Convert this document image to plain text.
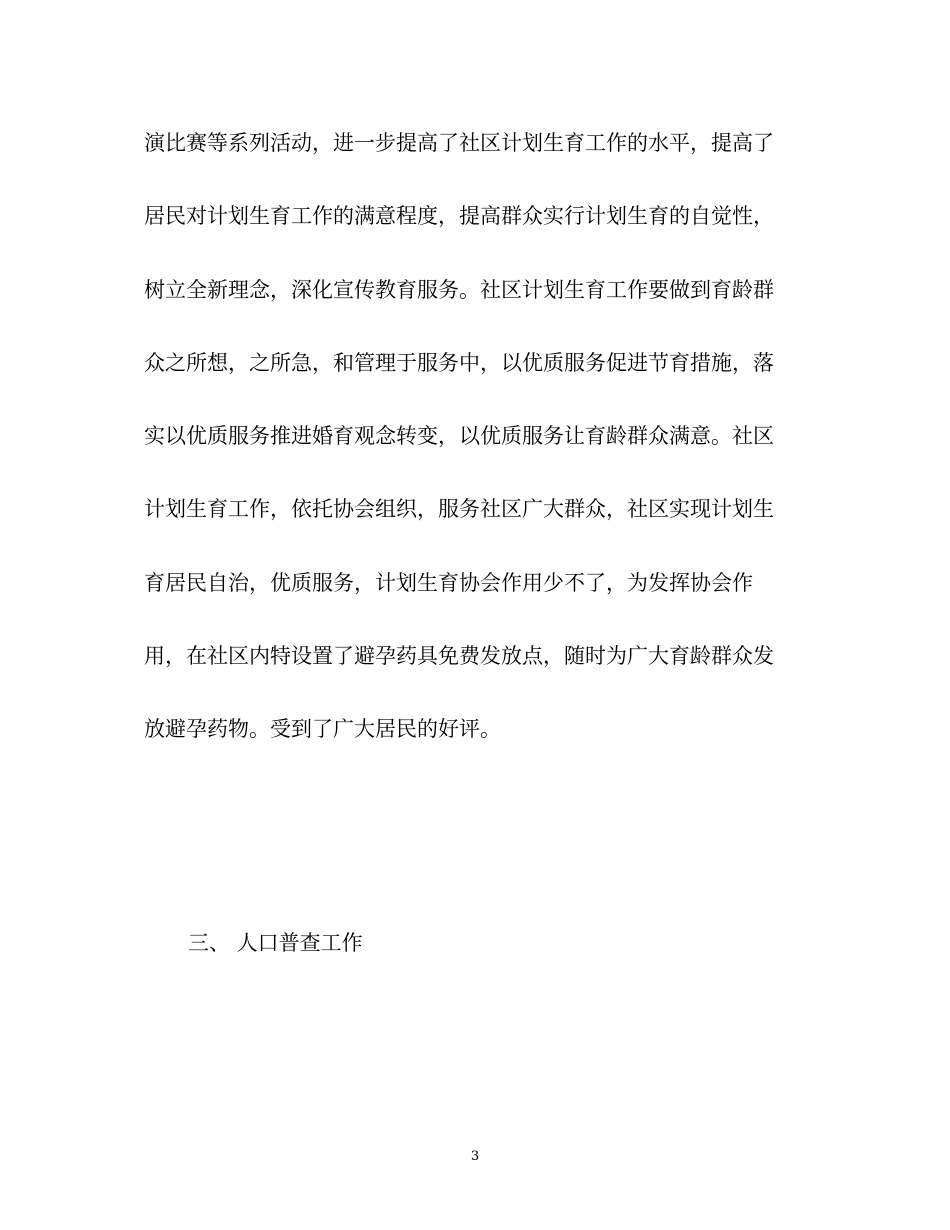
演比赛等系列活动，进一步提高了社区计划生育工作的水平，提高了
居民对计划生育工作的满意程度，提高群众实行计划生育的自觉性，
树立全新理念，深化宣传教育服务。社区计划生育工作要做到育龄群
众之所想，之所急，和管理于服务中，以优质服务促进节育措施，落
实以优质服务推进婚育观念转变，以优质服务让育龄群众满意。社区
计划生育工作，依托协会组织，服务社区广大群众，社区实现计划生
育居民自治，优质服务，计划生育协会作用少不了，为发挥协会作
用，在社区内特设置了避孕药具免费发放点，随时为广大育龄群众发
放避孕药物。受到了广大居民的好评。
三、 人口普查工作
3
